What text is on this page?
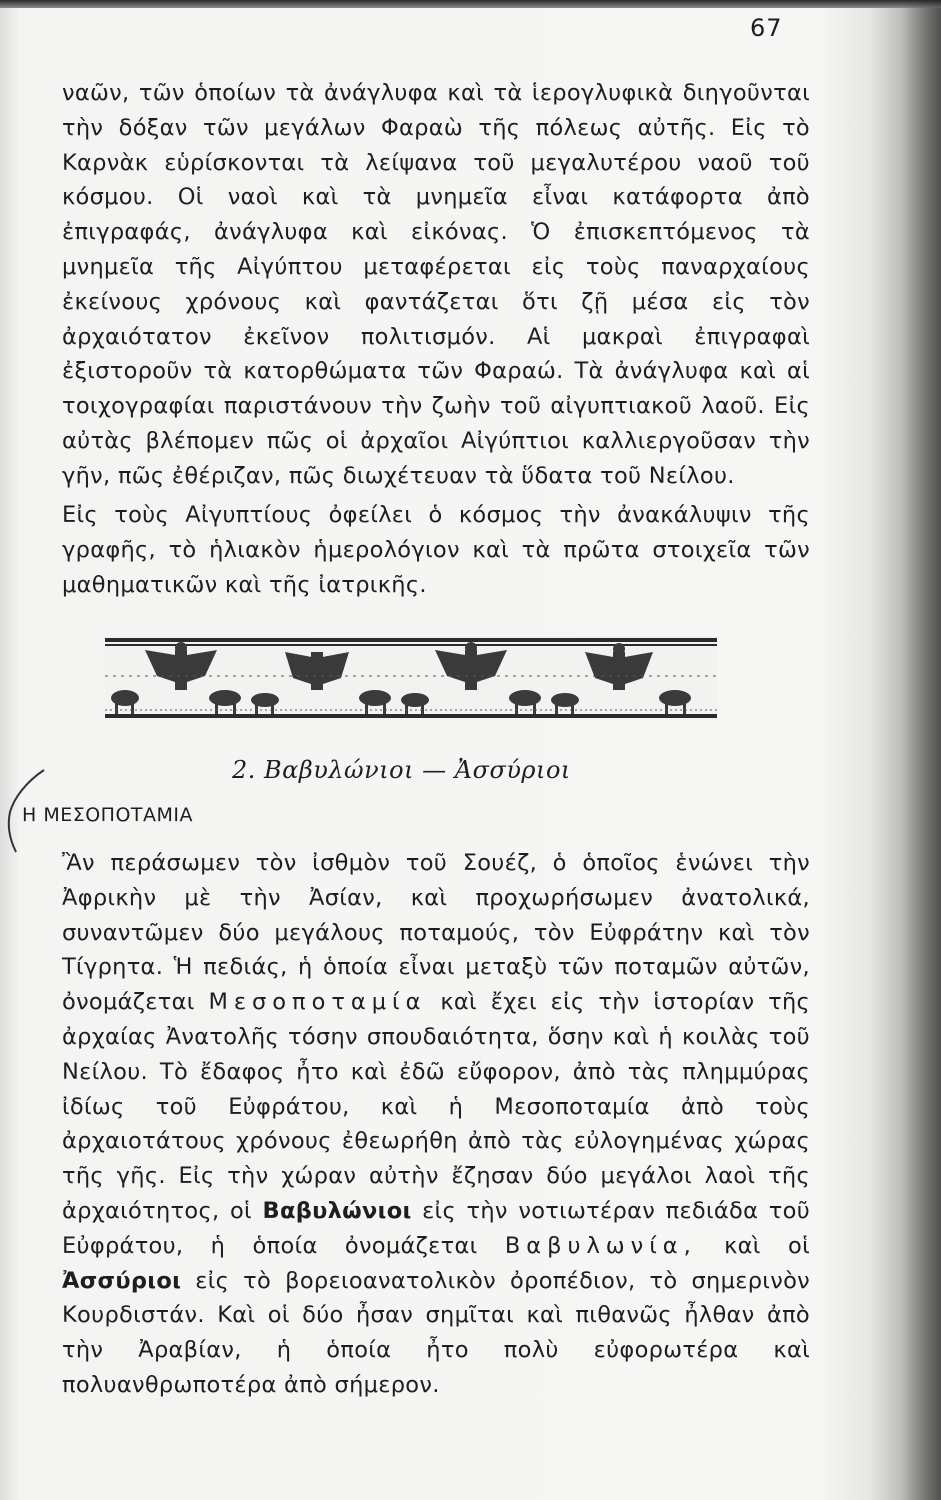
67

ναῶν, τῶν ὁποίων τὰ ἀνάγλυφα καὶ τὰ ἱερογλυφικὰ διηγοῦνται τὴν δόξαν τῶν μεγάλων Φαραὼ τῆς πόλεως αὐτῆς. Εἰς τὸ Καρνὰκ εὑρίσκονται τὰ λείψανα τοῦ μεγαλυτέρου ναοῦ τοῦ κόσμου. Οἱ ναοὶ καὶ τὰ μνημεῖα εἶναι κατάφορτα ἀπὸ ἐπιγραφάς, ἀνάγλυφα καὶ εἰκόνας. Ὁ ἐπισκεπτόμενος τὰ μνημεῖα τῆς Αἰγύπτου μεταφέρεται εἰς τοὺς παναρχαίους ἐκείνους χρόνους καὶ φαντάζεται ὅτι ζῇ μέσα εἰς τὸν ἀρχαιότατον ἐκεῖνον πολιτισμόν. Αἱ μακραὶ ἐπιγραφαὶ ἐξιστοροῦν τὰ κατορθώματα τῶν Φαραώ. Τὰ ἀνάγλυφα καὶ αἱ τοιχογραφίαι παριστάνουν τὴν ζωὴν τοῦ αἰγυπτιακοῦ λαοῦ. Εἰς αὐτὰς βλέπομεν πῶς οἱ ἀρχαῖοι Αἰγύπτιοι καλλιεργοῦσαν τὴν γῆν, πῶς ἐθέριζαν, πῶς διωχέτευαν τὰ ὕδατα τοῦ Νείλου.

Εἰς τοὺς Αἰγυπτίους ὀφείλει ὁ κόσμος τὴν ἀνακάλυψιν τῆς γραφῆς, τὸ ἡλιακὸν ἡμερολόγιον καὶ τὰ πρῶτα στοιχεῖα τῶν μαθηματικῶν καὶ τῆς ἰατρικῆς.

2. Βαβυλώνιοι — Ἀσσύριοι
Η ΜΕΣΟΠΟΤΑΜΙΑ

Ἂν περάσωμεν τὸν ἰσθμὸν τοῦ Σουέζ, ὁ ὁποῖος ἑνώνει τὴν Ἀφρικὴν μὲ τὴν Ἀσίαν, καὶ προχωρήσωμεν ἀνατολικά, συναντῶμεν δύο μεγάλους ποταμούς, τὸν Εὐφράτην καὶ τὸν Τίγρητα. Ἡ πεδιάς, ἡ ὁποία εἶναι μεταξὺ τῶν ποταμῶν αὐτῶν, ὀνομάζεται Μεσοποταμία καὶ ἔχει εἰς τὴν ἱστορίαν τῆς ἀρχαίας Ἀνατολῆς τόσην σπουδαιότητα, ὅσην καὶ ἡ κοιλὰς τοῦ Νείλου. Τὸ ἔδαφος ἦτο καὶ ἐδῶ εὔφορον, ἀπὸ τὰς πλημμύρας ἰδίως τοῦ Εὐφράτου, καὶ ἡ Μεσοποταμία ἀπὸ τοὺς ἀρχαιοτάτους χρόνους ἐθεωρήθη ἀπὸ τὰς εὐλογημένας χώρας τῆς γῆς. Εἰς τὴν χώραν αὐτὴν ἔζησαν δύο μεγάλοι λαοὶ τῆς ἀρχαιότητος, οἱ Βαβυλώνιοι εἰς τὴν νοτιωτέραν πεδιάδα τοῦ Εὐφράτου, ἡ ὁποία ὀνομάζεται Βαβυλωνία, καὶ οἱ Ἀσσύριοι εἰς τὸ βορειοανατολικὸν ὀροπέδιον, τὸ σημερινὸν Κουρδιστάν. Καὶ οἱ δύο ἦσαν σημῖται καὶ πιθανῶς ἦλθαν ἀπὸ τὴν Ἀραβίαν, ἡ ὁποία ἦτο πολὺ εὐφορωτέρα καὶ πολυανθρωποτέρα ἀπὸ σήμερον.
